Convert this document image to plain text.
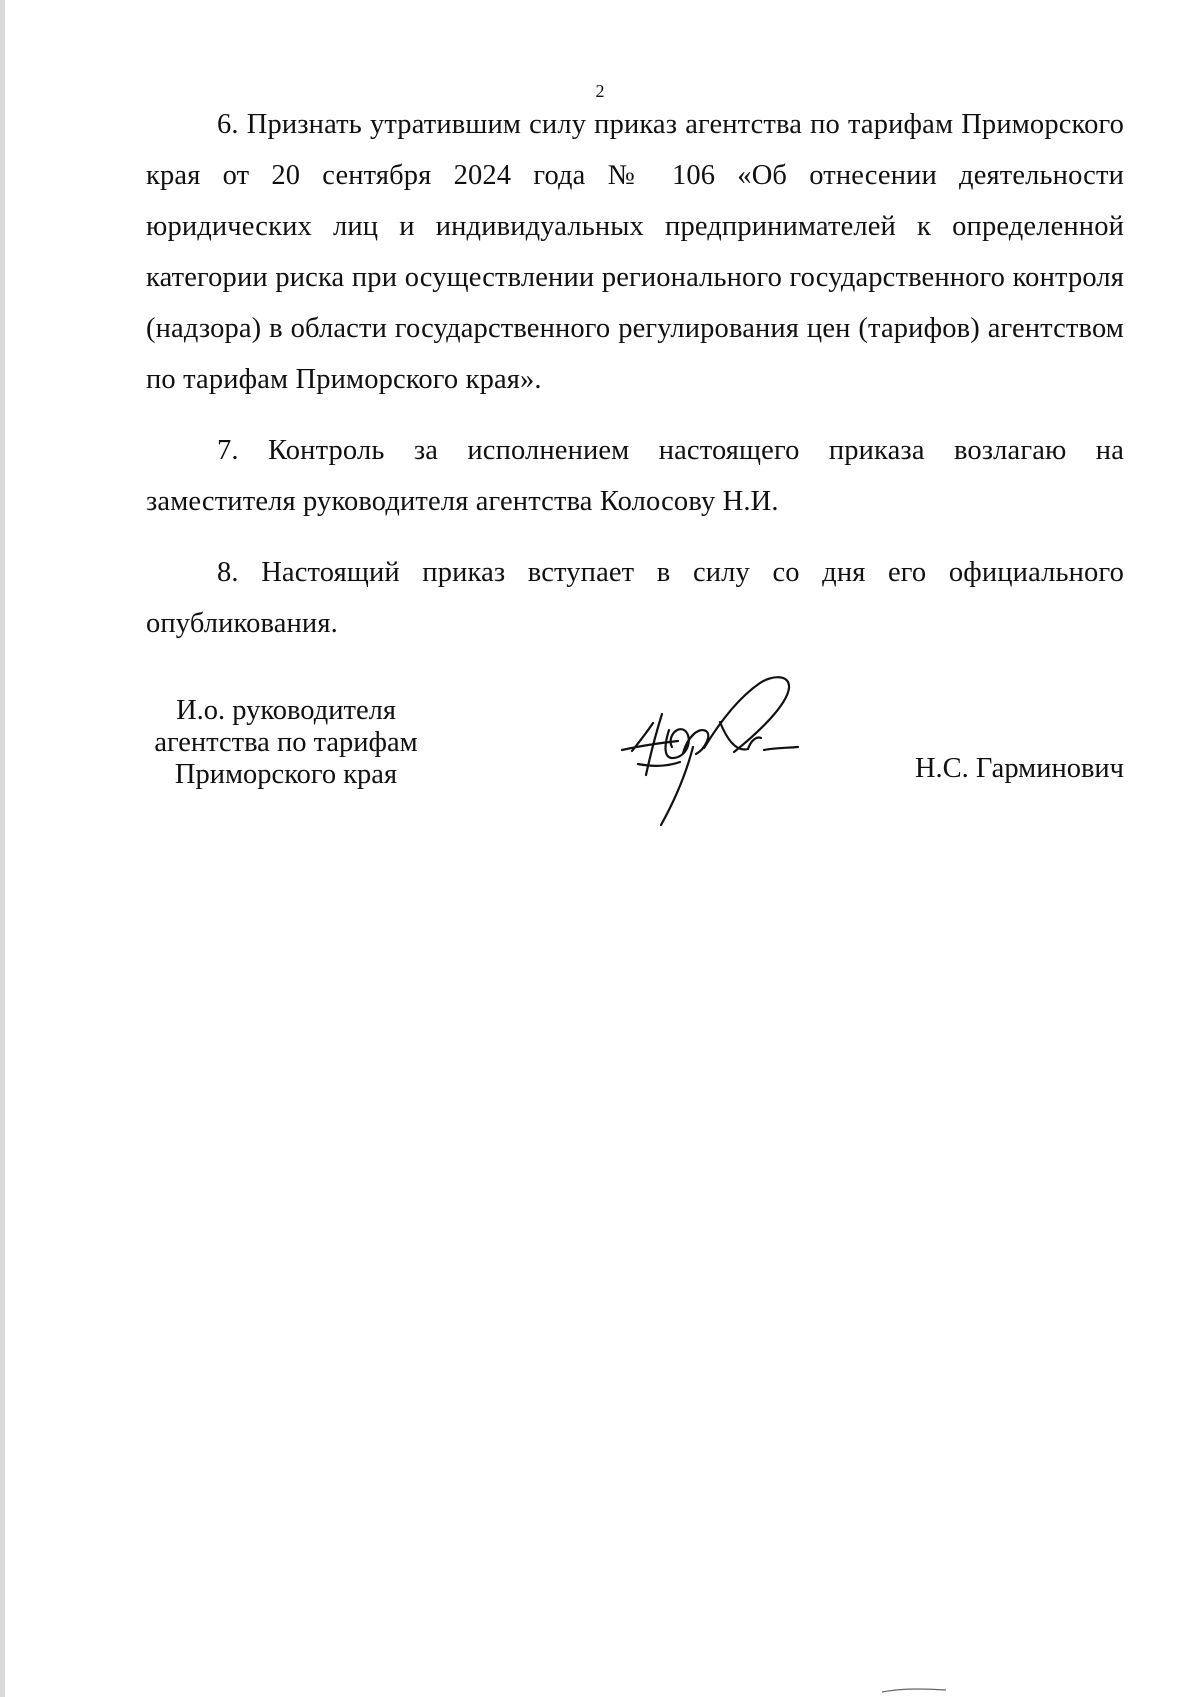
2

6. Признать утратившим силу приказ агентства по тарифам Приморского края от 20 сентября 2024 года № 106 «Об отнесении деятельности юридических лиц и индивидуальных предпринимателей к определенной категории риска при осуществлении регионального государственного контроля (надзора) в области государственного регулирования цен (тарифов) агентством по тарифам Приморского края».

7. Контроль за исполнением настоящего приказа возлагаю на заместителя руководителя агентства Колосову Н.И.

8. Настоящий приказ вступает в силу со дня его официального опубликования.

И.о. руководителя
агентства по тарифам
Приморского края	Н.С. Гарминович
